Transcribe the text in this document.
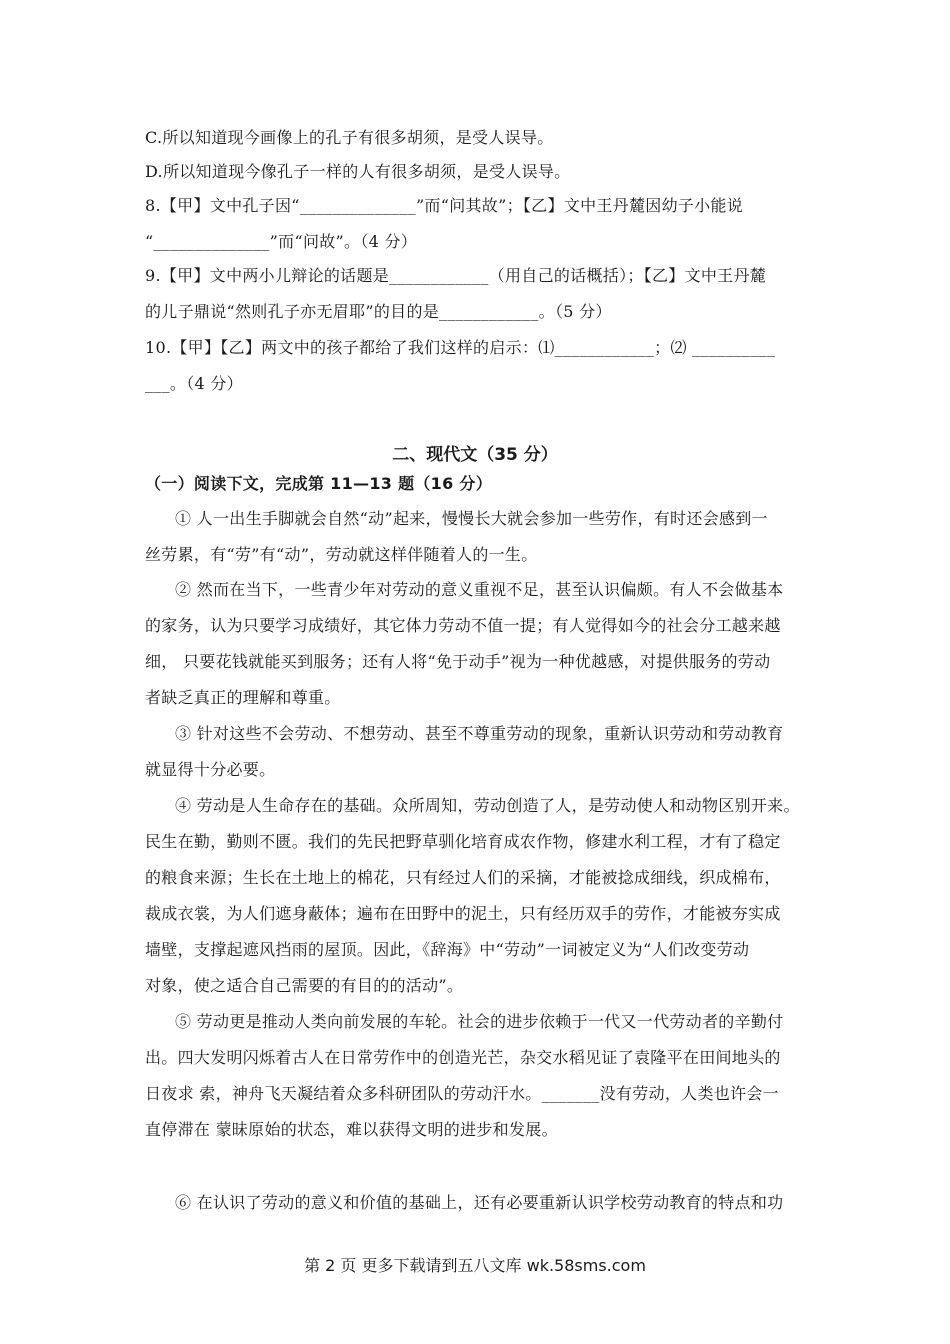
C.所以知道现今画像上的孔子有很多胡须，是受人误导。
D.所以知道现今像孔子一样的人有很多胡须，是受人误导。
8.【甲】文中孔子因“______________”而“问其故”；【乙】文中王丹麓因幼子小能说
“______________”而“问故”。（4 分）
9.【甲】文中两小儿辩论的话题是____________（用自己的话概括）；【乙】文中王丹麓
的儿子鼎说“然则孔子亦无眉耶”的目的是____________。（5 分）
10.【甲】【乙】两文中的孩子都给了我们这样的启示：⑴____________；⑵ __________
___。（4 分）
二、现代文（35 分）
（一）阅读下文，完成第 11—13 题（16 分）
① 人一出生手脚就会自然“动”起来，慢慢长大就会参加一些劳作，有时还会感到一
丝劳累，有“劳”有“动”，劳动就这样伴随着人的一生。
② 然而在当下，一些青少年对劳动的意义重视不足，甚至认识偏颇。有人不会做基本
的家务，认为只要学习成绩好，其它体力劳动不值一提；有人觉得如今的社会分工越来越
细， 只要花钱就能买到服务；还有人将“免于动手”视为一种优越感，对提供服务的劳动
者缺乏真正的理解和尊重。
③ 针对这些不会劳动、不想劳动、甚至不尊重劳动的现象，重新认识劳动和劳动教育
就显得十分必要。
④ 劳动是人生命存在的基础。众所周知，劳动创造了人，是劳动使人和动物区别开来。
民生在勤，勤则不匮。我们的先民把野草驯化培育成农作物，修建水利工程，才有了稳定
的粮食来源；生长在土地上的棉花，只有经过人们的采摘，才能被捻成细线，织成棉布，
裁成衣裳，为人们遮身蔽体；遍布在田野中的泥土，只有经历双手的劳作，才能被夯实成
墙壁，支撑起遮风挡雨的屋顶。因此，《辞海》中“劳动”一词被定义为“人们改变劳动
对象，使之适合自己需要的有目的的活动”。
⑤ 劳动更是推动人类向前发展的车轮。社会的进步依赖于一代又一代劳动者的辛勤付
出。四大发明闪烁着古人在日常劳作中的创造光芒，杂交水稻见证了袁隆平在田间地头的
日夜求 索，神舟飞天凝结着众多科研团队的劳动汗水。_______没有劳动，人类也许会一
直停滞在 蒙昧原始的状态，难以获得文明的进步和发展。
⑥ 在认识了劳动的意义和价值的基础上，还有必要重新认识学校劳动教育的特点和功
第 2 页 更多下载请到五八文库 wk.58sms.com
